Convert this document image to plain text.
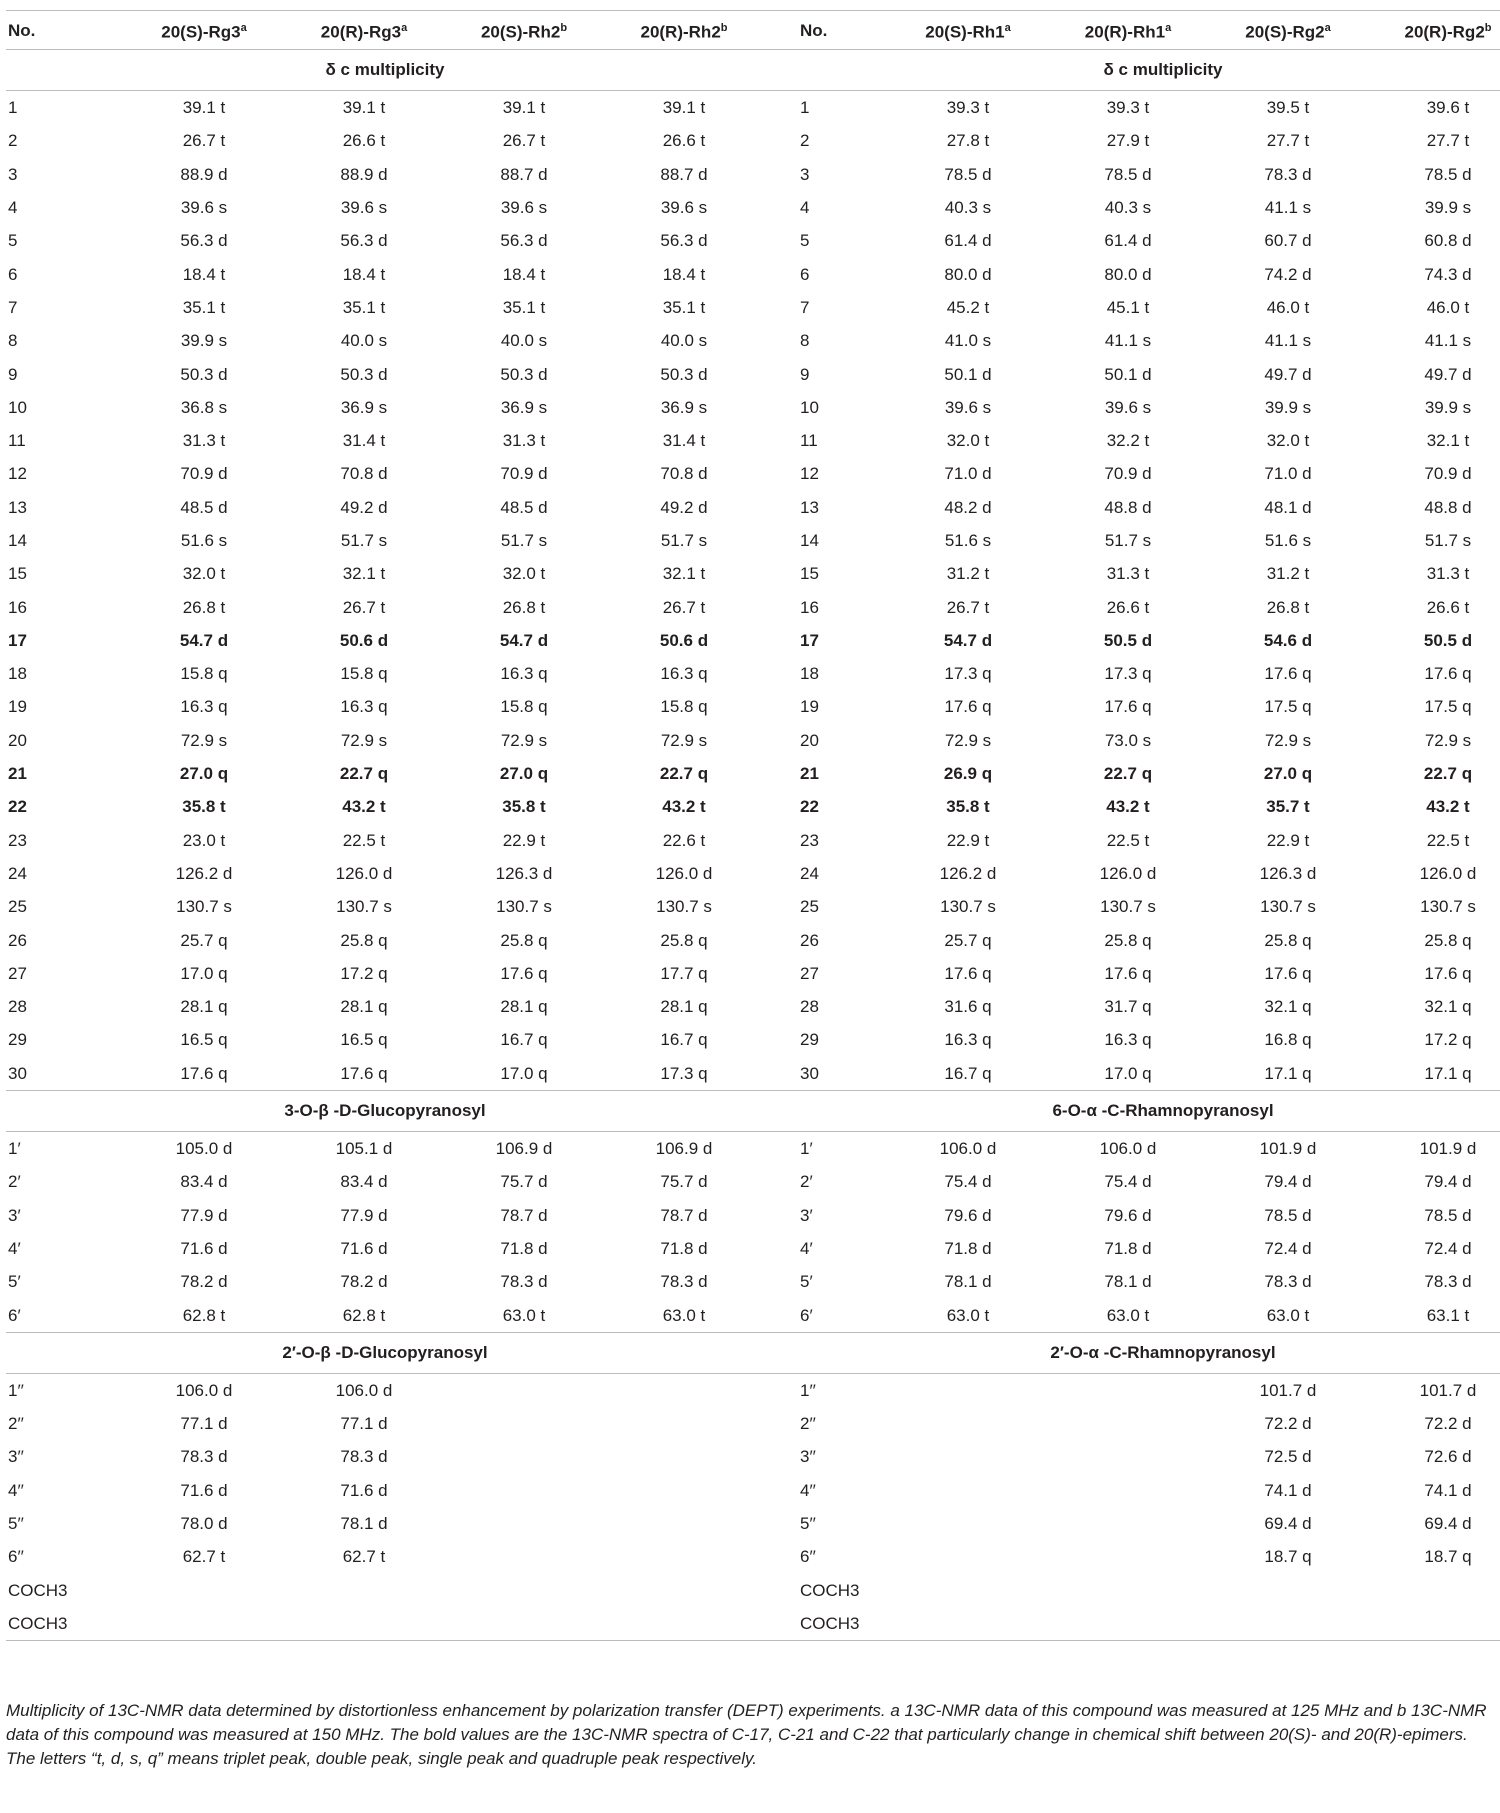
No.	20(S)-Rg3$^a$	20(R)-Rg3$^a$	20(S)-Rh2$^b$	20(R)-Rh2$^b$		No.	20(S)-Rh1$^a$	20(R)-Rh1$^a$	20(S)-Rg2$^a$	20(R)-Rg2$^b$
δ c multiplicity						δ c multiplicity				
1	39.1 t	39.1 t	39.1 t	39.1 t		1	39.3 t	39.3 t	39.5 t	39.6 t
2	26.7 t	26.6 t	26.7 t	26.6 t		2	27.8 t	27.9 t	27.7 t	27.7 t
3	88.9 d	88.9 d	88.7 d	88.7 d		3	78.5 d	78.5 d	78.3 d	78.5 d
4	39.6 s	39.6 s	39.6 s	39.6 s		4	40.3 s	40.3 s	41.1 s	39.9 s
5	56.3 d	56.3 d	56.3 d	56.3 d		5	61.4 d	61.4 d	60.7 d	60.8 d
6	18.4 t	18.4 t	18.4 t	18.4 t		6	80.0 d	80.0 d	74.2 d	74.3 d
7	35.1 t	35.1 t	35.1 t	35.1 t		7	45.2 t	45.1 t	46.0 t	46.0 t
8	39.9 s	40.0 s	40.0 s	40.0 s		8	41.0 s	41.1 s	41.1 s	41.1 s
9	50.3 d	50.3 d	50.3 d	50.3 d		9	50.1 d	50.1 d	49.7 d	49.7 d
10	36.8 s	36.9 s	36.9 s	36.9 s		10	39.6 s	39.6 s	39.9 s	39.9 s
11	31.3 t	31.4 t	31.3 t	31.4 t		11	32.0 t	32.2 t	32.0 t	32.1 t
12	70.9 d	70.8 d	70.9 d	70.8 d		12	71.0 d	70.9 d	71.0 d	70.9 d
13	48.5 d	49.2 d	48.5 d	49.2 d		13	48.2 d	48.8 d	48.1 d	48.8 d
14	51.6 s	51.7 s	51.7 s	51.7 s		14	51.6 s	51.7 s	51.6 s	51.7 s
15	32.0 t	32.1 t	32.0 t	32.1 t		15	31.2 t	31.3 t	31.2 t	31.3 t
16	26.8 t	26.7 t	26.8 t	26.7 t		16	26.7 t	26.6 t	26.8 t	26.6 t
17	54.7 d	50.6 d	54.7 d	50.6 d		17	54.7 d	50.5 d	54.6 d	50.5 d
18	15.8 q	15.8 q	16.3 q	16.3 q		18	17.3 q	17.3 q	17.6 q	17.6 q
19	16.3 q	16.3 q	15.8 q	15.8 q		19	17.6 q	17.6 q	17.5 q	17.5 q
20	72.9 s	72.9 s	72.9 s	72.9 s		20	72.9 s	73.0 s	72.9 s	72.9 s
21	27.0 q	22.7 q	27.0 q	22.7 q		21	26.9 q	22.7 q	27.0 q	22.7 q
22	35.8 t	43.2 t	35.8 t	43.2 t		22	35.8 t	43.2 t	35.7 t	43.2 t
23	23.0 t	22.5 t	22.9 t	22.6 t		23	22.9 t	22.5 t	22.9 t	22.5 t
24	126.2 d	126.0 d	126.3 d	126.0 d		24	126.2 d	126.0 d	126.3 d	126.0 d
25	130.7 s	130.7 s	130.7 s	130.7 s		25	130.7 s	130.7 s	130.7 s	130.7 s
26	25.7 q	25.8 q	25.8 q	25.8 q		26	25.7 q	25.8 q	25.8 q	25.8 q
27	17.0 q	17.2 q	17.6 q	17.7 q		27	17.6 q	17.6 q	17.6 q	17.6 q
28	28.1 q	28.1 q	28.1 q	28.1 q		28	31.6 q	31.7 q	32.1 q	32.1 q
29	16.5 q	16.5 q	16.7 q	16.7 q		29	16.3 q	16.3 q	16.8 q	17.2 q
30	17.6 q	17.6 q	17.0 q	17.3 q		30	16.7 q	17.0 q	17.1 q	17.1 q
3-O-β -D-Glucopyranosyl						6-O-α -C-Rhamnopyranosyl				
1′	105.0 d	105.1 d	106.9 d	106.9 d		1′	106.0 d	106.0 d	101.9 d	101.9 d
2′	83.4 d	83.4 d	75.7 d	75.7 d		2′	75.4 d	75.4 d	79.4 d	79.4 d
3′	77.9 d	77.9 d	78.7 d	78.7 d		3′	79.6 d	79.6 d	78.5 d	78.5 d
4′	71.6 d	71.6 d	71.8 d	71.8 d		4′	71.8 d	71.8 d	72.4 d	72.4 d
5′	78.2 d	78.2 d	78.3 d	78.3 d		5′	78.1 d	78.1 d	78.3 d	78.3 d
6′	62.8 t	62.8 t	63.0 t	63.0 t		6′	63.0 t	63.0 t	63.0 t	63.1 t
2′-O-β -D-Glucopyranosyl						2′-O-α -C-Rhamnopyranosyl				
1′′	106.0 d	106.0 d				1′′			101.7 d	101.7 d
2′′	77.1 d	77.1 d				2′′			72.2 d	72.2 d
3′′	78.3 d	78.3 d				3′′			72.5 d	72.6 d
4′′	71.6 d	71.6 d				4′′			74.1 d	74.1 d
5′′	78.0 d	78.1 d				5′′			69.4 d	69.4 d
6′′	62.7 t	62.7 t				6′′			18.7 q	18.7 q
COCH3						COCH3				
COCH3						COCH3				

Multiplicity of 13C-NMR data determined by distortionless enhancement by polarization transfer (DEPT) experiments. a 13C-NMR data of this compound was measured at 125 MHz and b 13C-NMR data of this compound was measured at 150 MHz. The bold values are the 13C-NMR spectra of C-17, C-21 and C-22 that particularly change in chemical shift between 20(S)- and 20(R)-epimers.

The letters “t, d, s, q” means triplet peak, double peak, single peak and quadruple peak respectively.
